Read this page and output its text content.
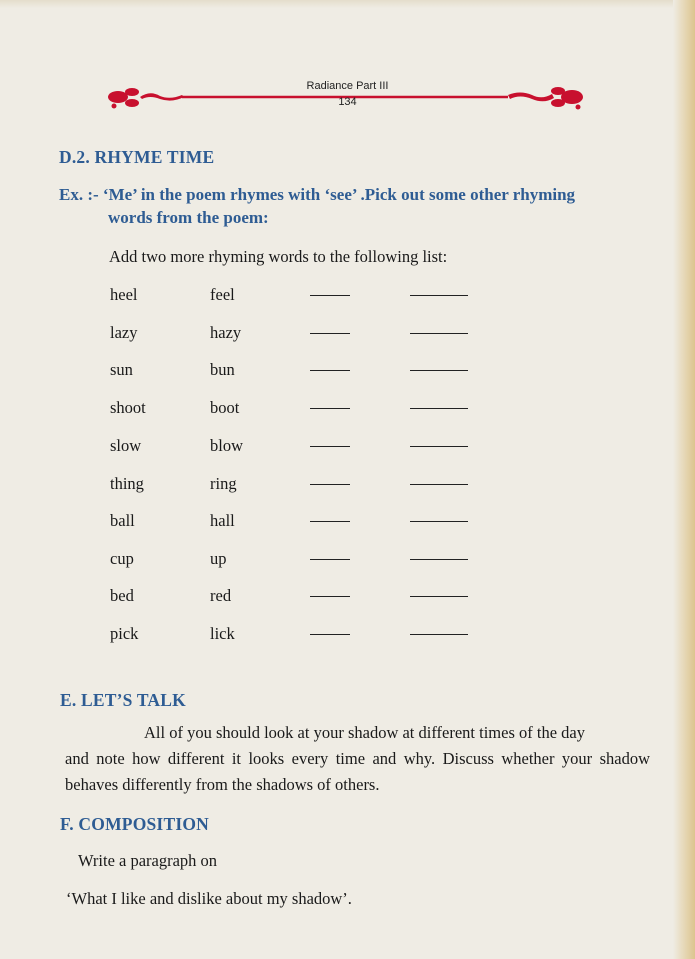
Radiance Part III
134
D.2. RHYME TIME
Ex. :- ‘Me’ in the poem rhymes with ‘see’ .Pick out some other rhyming
words from the poem:
Add two more rhyming words to the following list:
heel	feel
lazy	hazy
sun	bun
shoot	boot
slow	blow
thing	ring
ball	hall
cup	up
bed	red
pick	lick
E. LET’S TALK
All of you should look at your shadow at different times of the day
and note how different it looks every time and why. Discuss whether your shadow behaves differently from the shadows of others.
F. COMPOSITION
Write a paragraph on
‘What I like and dislike about my shadow’.
